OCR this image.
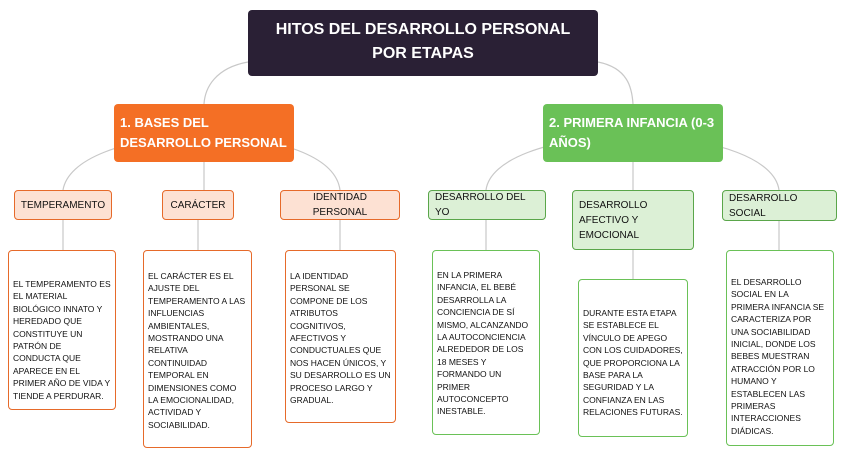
HITOS DEL DESARROLLO PERSONAL POR ETAPAS
1. BASES DEL DESARROLLO PERSONAL
2. PRIMERA INFANCIA (0-3 AÑOS)
TEMPERAMENTO	CARÁCTER
IDENTIDAD PERSONAL
DESARROLLO DEL YO
DESARROLLO AFECTIVO Y EMOCIONAL
DESARROLLO SOCIAL
EL TEMPERAMENTO ES EL MATERIAL BIOLÓGICO INNATO Y HEREDADO QUE CONSTITUYE UN PATRÓN DE CONDUCTA QUE APARECE EN EL PRIMER AÑO DE VIDA Y TIENDE A PERDURAR.
EL CARÁCTER ES EL AJUSTE DEL TEMPERAMENTO A LAS INFLUENCIAS AMBIENTALES, MOSTRANDO UNA RELATIVA CONTINUIDAD TEMPORAL EN DIMENSIONES COMO LA EMOCIONALIDAD, ACTIVIDAD Y SOCIABILIDAD.
LA IDENTIDAD PERSONAL SE COMPONE DE LOS ATRIBUTOS COGNITIVOS, AFECTIVOS Y CONDUCTUALES QUE NOS HACEN ÚNICOS, Y SU DESARROLLO ES UN PROCESO LARGO Y GRADUAL.
EN LA PRIMERA INFANCIA, EL BEBÉ DESARROLLA LA CONCIENCIA DE SÍ MISMO, ALCANZANDO LA AUTOCONCIENCIA ALREDEDOR DE LOS 18 MESES Y FORMANDO UN PRIMER AUTOCONCEPTO INESTABLE.
DURANTE ESTA ETAPA SE ESTABLECE EL VÍNCULO DE APEGO CON LOS CUIDADORES, QUE PROPORCIONA LA BASE PARA LA SEGURIDAD Y LA CONFIANZA EN LAS RELACIONES FUTURAS.
EL DESARROLLO SOCIAL EN LA PRIMERA INFANCIA SE CARACTERIZA POR UNA SOCIABILIDAD INICIAL, DONDE LOS BEBES MUESTRAN ATRACCIÓN POR LO HUMANO Y ESTABLECEN LAS PRIMERAS INTERACCIONES DIÁDICAS.
